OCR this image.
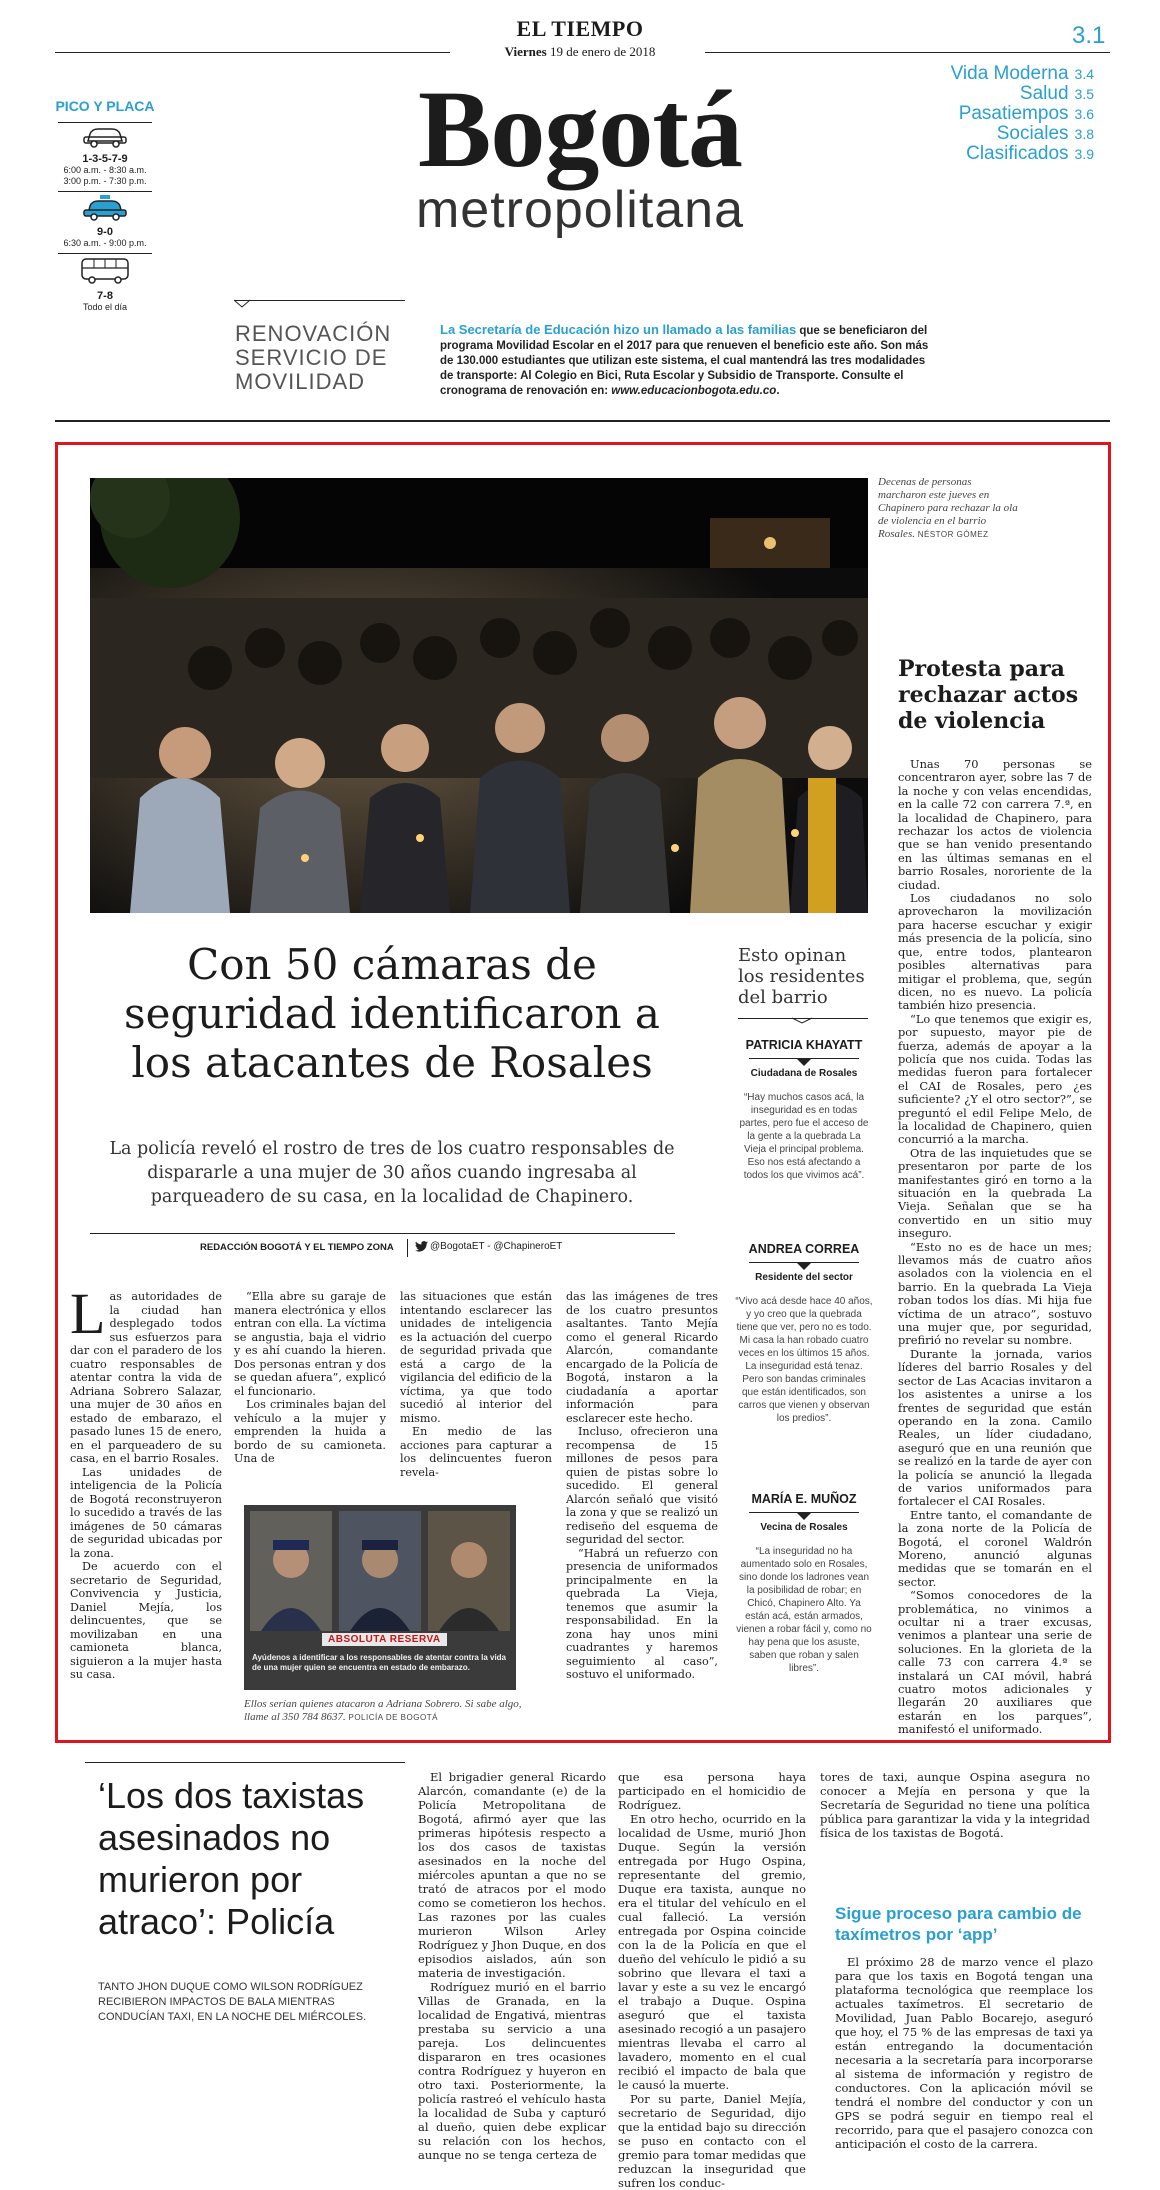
EL TIEMPO
Viernes 19 de enero de 2018
3.1
Bogotá
metropolitana
Vida Moderna 3.4
Salud 3.5
Pasatiempos 3.6
Sociales 3.8
Clasificados 3.9
PICO Y PLACA
1-3-5-7-9
6:00 a.m. - 8:30 a.m.
3:00 p.m. - 7:30 p.m.
9-0
6:30 a.m. - 9:00 p.m.
7-8
Todo el día
RENOVACIÓN
SERVICIO DE
MOVILIDAD
La Secretaría de Educación hizo un llamado a las familias que se beneficiaron del programa Movilidad Escolar en el 2017 para que renueven el beneficio este año. Son más de 130.000 estudiantes que utilizan este sistema, el cual mantendrá las tres modalidades de transporte: Al Colegio en Bici, Ruta Escolar y Subsidio de Transporte. Consulte el cronograma de renovación en: www.educacionbogota.edu.co.
Decenas de personas marcharon este jueves en Chapinero para rechazar la ola de violencia en el barrio Rosales. NÉSTOR GÓMEZ
Con 50 cámaras de seguridad identificaron a los atacantes de Rosales
La policía reveló el rostro de tres de los cuatro responsables de dispararle a una mujer de 30 años cuando ingresaba al parqueadero de su casa, en la localidad de Chapinero.
REDACCIÓN BOGOTÁ Y EL TIEMPO ZONA	@BogotaET - @ChapineroET

Las autoridades de la ciudad han desplegado todos sus esfuerzos para dar con el paradero de los cuatro responsables de atentar contra la vida de Adriana Sobrero Salazar, una mujer de 30 años en estado de embarazo, el pasado lunes 15 de enero, en el parqueadero de su casa, en el barrio Rosales.

Las unidades de inteligencia de la Policía de Bogotá reconstruyeron lo sucedido a través de las imágenes de 50 cámaras de seguridad ubicadas por la zona.

De acuerdo con el secretario de Seguridad, Convivencia y Justicia, Daniel Mejía, los delincuentes, que se movilizaban en una camioneta blanca, siguieron a la mujer hasta su casa.

“Ella abre su garaje de manera electrónica y ellos entran con ella. La víctima se angustia, baja el vidrio y es ahí cuando la hieren. Dos personas entran y dos se quedan afuera”, explicó el funcionario.

Los criminales bajan del vehículo a la mujer y emprenden la huida a bordo de su camioneta. Una de

las situaciones que están intentando esclarecer las unidades de inteligencia es la actuación del cuerpo de seguridad privada que está a cargo de la vigilancia del edificio de la víctima, ya que todo sucedió al interior del mismo.

En medio de las acciones para capturar a los delincuentes fueron revela-

das las imágenes de tres de los cuatro presuntos asaltantes. Tanto Mejía como el general Ricardo Alarcón, comandante encargado de la Policía de Bogotá, instaron a la ciudadanía a aportar información para esclarecer este hecho.

Incluso, ofrecieron una recompensa de 15 millones de pesos para quien de pistas sobre lo sucedido. El general Alarcón señaló que visitó la zona y que se realizó un rediseño del esquema de seguridad del sector.

“Habrá un refuerzo con presencia de uniformados principalmente en la quebrada La Vieja, tenemos que asumir la responsabilidad. En la zona hay unos mini cuadrantes y haremos seguimiento al caso”, sostuvo el uniformado.

ABSOLUTA RESERVA
Ayúdenos a identificar a los responsables de atentar contra la vida de una mujer quien se encuentra en estado de embarazo.
Ellos serían quienes atacaron a Adriana Sobrero. Si sabe algo, llame al 350 784 8637. POLICÍA DE BOGOTÁ
Esto opinan los residentes del barrio
PATRICIA KHAYATT
Ciudadana de Rosales
“Hay muchos casos acá, la inseguridad es en todas partes, pero fue el acceso de la gente a la quebrada La Vieja el principal problema. Eso nos está afectando a todos los que vivimos acá”.
ANDREA CORREA
Residente del sector
“Vivo acá desde hace 40 años, y yo creo que la quebrada tiene que ver, pero no es todo. Mi casa la han robado cuatro veces en los últimos 15 años. La inseguridad está tenaz. Pero son bandas criminales que están identificados, son carros que vienen y observan los predios”.
MARÍA E. MUÑOZ
Vecina de Rosales
“La inseguridad no ha aumentado solo en Rosales, sino donde los ladrones vean la posibilidad de robar; en Chicó, Chapinero Alto. Ya están acá, están armados, vienen a robar fácil y, como no hay pena que los asuste, saben que roban y salen libres”.
Protesta para rechazar actos de violencia

Unas 70 personas se concentraron ayer, sobre las 7 de la noche y con velas encendidas, en la calle 72 con carrera 7.ª, en la localidad de Chapinero, para rechazar los actos de violencia que se han venido presentando en las últimas semanas en el barrio Rosales, nororiente de la ciudad.

Los ciudadanos no solo aprovecharon la movilización para hacerse escuchar y exigir más presencia de la policía, sino que, entre todos, plantearon posibles alternativas para mitigar el problema, que, según dicen, no es nuevo. La policía también hizo presencia.

“Lo que tenemos que exigir es, por supuesto, mayor pie de fuerza, además de apoyar a la policía que nos cuida. Todas las medidas fueron para fortalecer el CAI de Rosales, pero ¿es suficiente? ¿Y el otro sector?”, se preguntó el edil Felipe Melo, de la localidad de Chapinero, quien concurrió a la marcha.

Otra de las inquietudes que se presentaron por parte de los manifestantes giró en torno a la situación en la quebrada La Vieja. Señalan que se ha convertido en un sitio muy inseguro.

“Esto no es de hace un mes; llevamos más de cuatro años asolados con la violencia en el barrio. En la quebrada La Vieja roban todos los días. Mi hija fue víctima de un atraco”, sostuvo una mujer que, por seguridad, prefirió no revelar su nombre.

Durante la jornada, varios líderes del barrio Rosales y del sector de Las Acacias invitaron a los asistentes a unirse a los frentes de seguridad que están operando en la zona. Camilo Reales, un líder ciudadano, aseguró que en una reunión que se realizó en la tarde de ayer con la policía se anunció la llegada de varios uniformados para fortalecer el CAI Rosales.

Entre tanto, el comandante de la zona norte de la Policía de Bogotá, el coronel Waldrón Moreno, anunció algunas medidas que se tomarán en el sector.

“Somos conocedores de la problemática, no vinimos a ocultar ni a traer excusas, venimos a plantear una serie de soluciones. En la glorieta de la calle 73 con carrera 4.ª se instalará un CAI móvil, habrá cuatro motos adicionales y llegarán 20 auxiliares que estarán en los parques”, manifestó el uniformado.

‘Los dos taxistas asesinados no murieron por atraco’: Policía
TANTO JHON DUQUE COMO WILSON RODRÍGUEZ RECIBIERON IMPACTOS DE BALA MIENTRAS CONDUCÍAN TAXI, EN LA NOCHE DEL MIÉRCOLES.

El brigadier general Ricardo Alarcón, comandante (e) de la Policía Metropolitana de Bogotá, afirmó ayer que las primeras hipótesis respecto a los dos casos de taxistas asesinados en la noche del miércoles apuntan a que no se trató de atracos por el modo como se cometieron los hechos. Las razones por las cuales murieron Wilson Arley Rodríguez y Jhon Duque, en dos episodios aislados, aún son materia de investigación.

Rodríguez murió en el barrio Villas de Granada, en la localidad de Engativá, mientras prestaba su servicio a una pareja. Los delincuentes dispararon en tres ocasiones contra Rodríguez y huyeron en otro taxi. Posteriormente, la policía rastreó el vehículo hasta la localidad de Suba y capturó al dueño, quien debe explicar su relación con los hechos, aunque no se tenga certeza de

que esa persona haya participado en el homicidio de Rodríguez.

En otro hecho, ocurrido en la localidad de Usme, murió Jhon Duque. Según la versión entregada por Hugo Ospina, representante del gremio, Duque era taxista, aunque no era el titular del vehículo en el cual falleció. La versión entregada por Ospina coincide con la de la Policía en que el dueño del vehículo le pidió a su sobrino que llevara el taxi a lavar y este a su vez le encargó el trabajo a Duque. Ospina aseguró que el taxista asesinado recogió a un pasajero mientras llevaba el carro al lavadero, momento en el cual recibió el impacto de bala que le causó la muerte.

Por su parte, Daniel Mejía, secretario de Seguridad, dijo que la entidad bajo su dirección se puso en contacto con el gremio para tomar medidas que reduzcan la inseguridad que sufren los conduc-

tores de taxi, aunque Ospina asegura no conocer a Mejía en persona y que la Secretaría de Seguridad no tiene una política pública para garantizar la vida y la integridad física de los taxistas de Bogotá.

Sigue proceso para cambio de taxímetros por ‘app’

El próximo 28 de marzo vence el plazo para que los taxis en Bogotá tengan una plataforma tecnológica que reemplace los actuales taxímetros. El secretario de Movilidad, Juan Pablo Bocarejo, aseguró que hoy, el 75 % de las empresas de taxi ya están entregando la documentación necesaria a la secretaría para incorporarse al sistema de información y registro de conductores. Con la aplicación móvil se tendrá el nombre del conductor y con un GPS se podrá seguir en tiempo real el recorrido, para que el pasajero conozca con anticipación el costo de la carrera.
